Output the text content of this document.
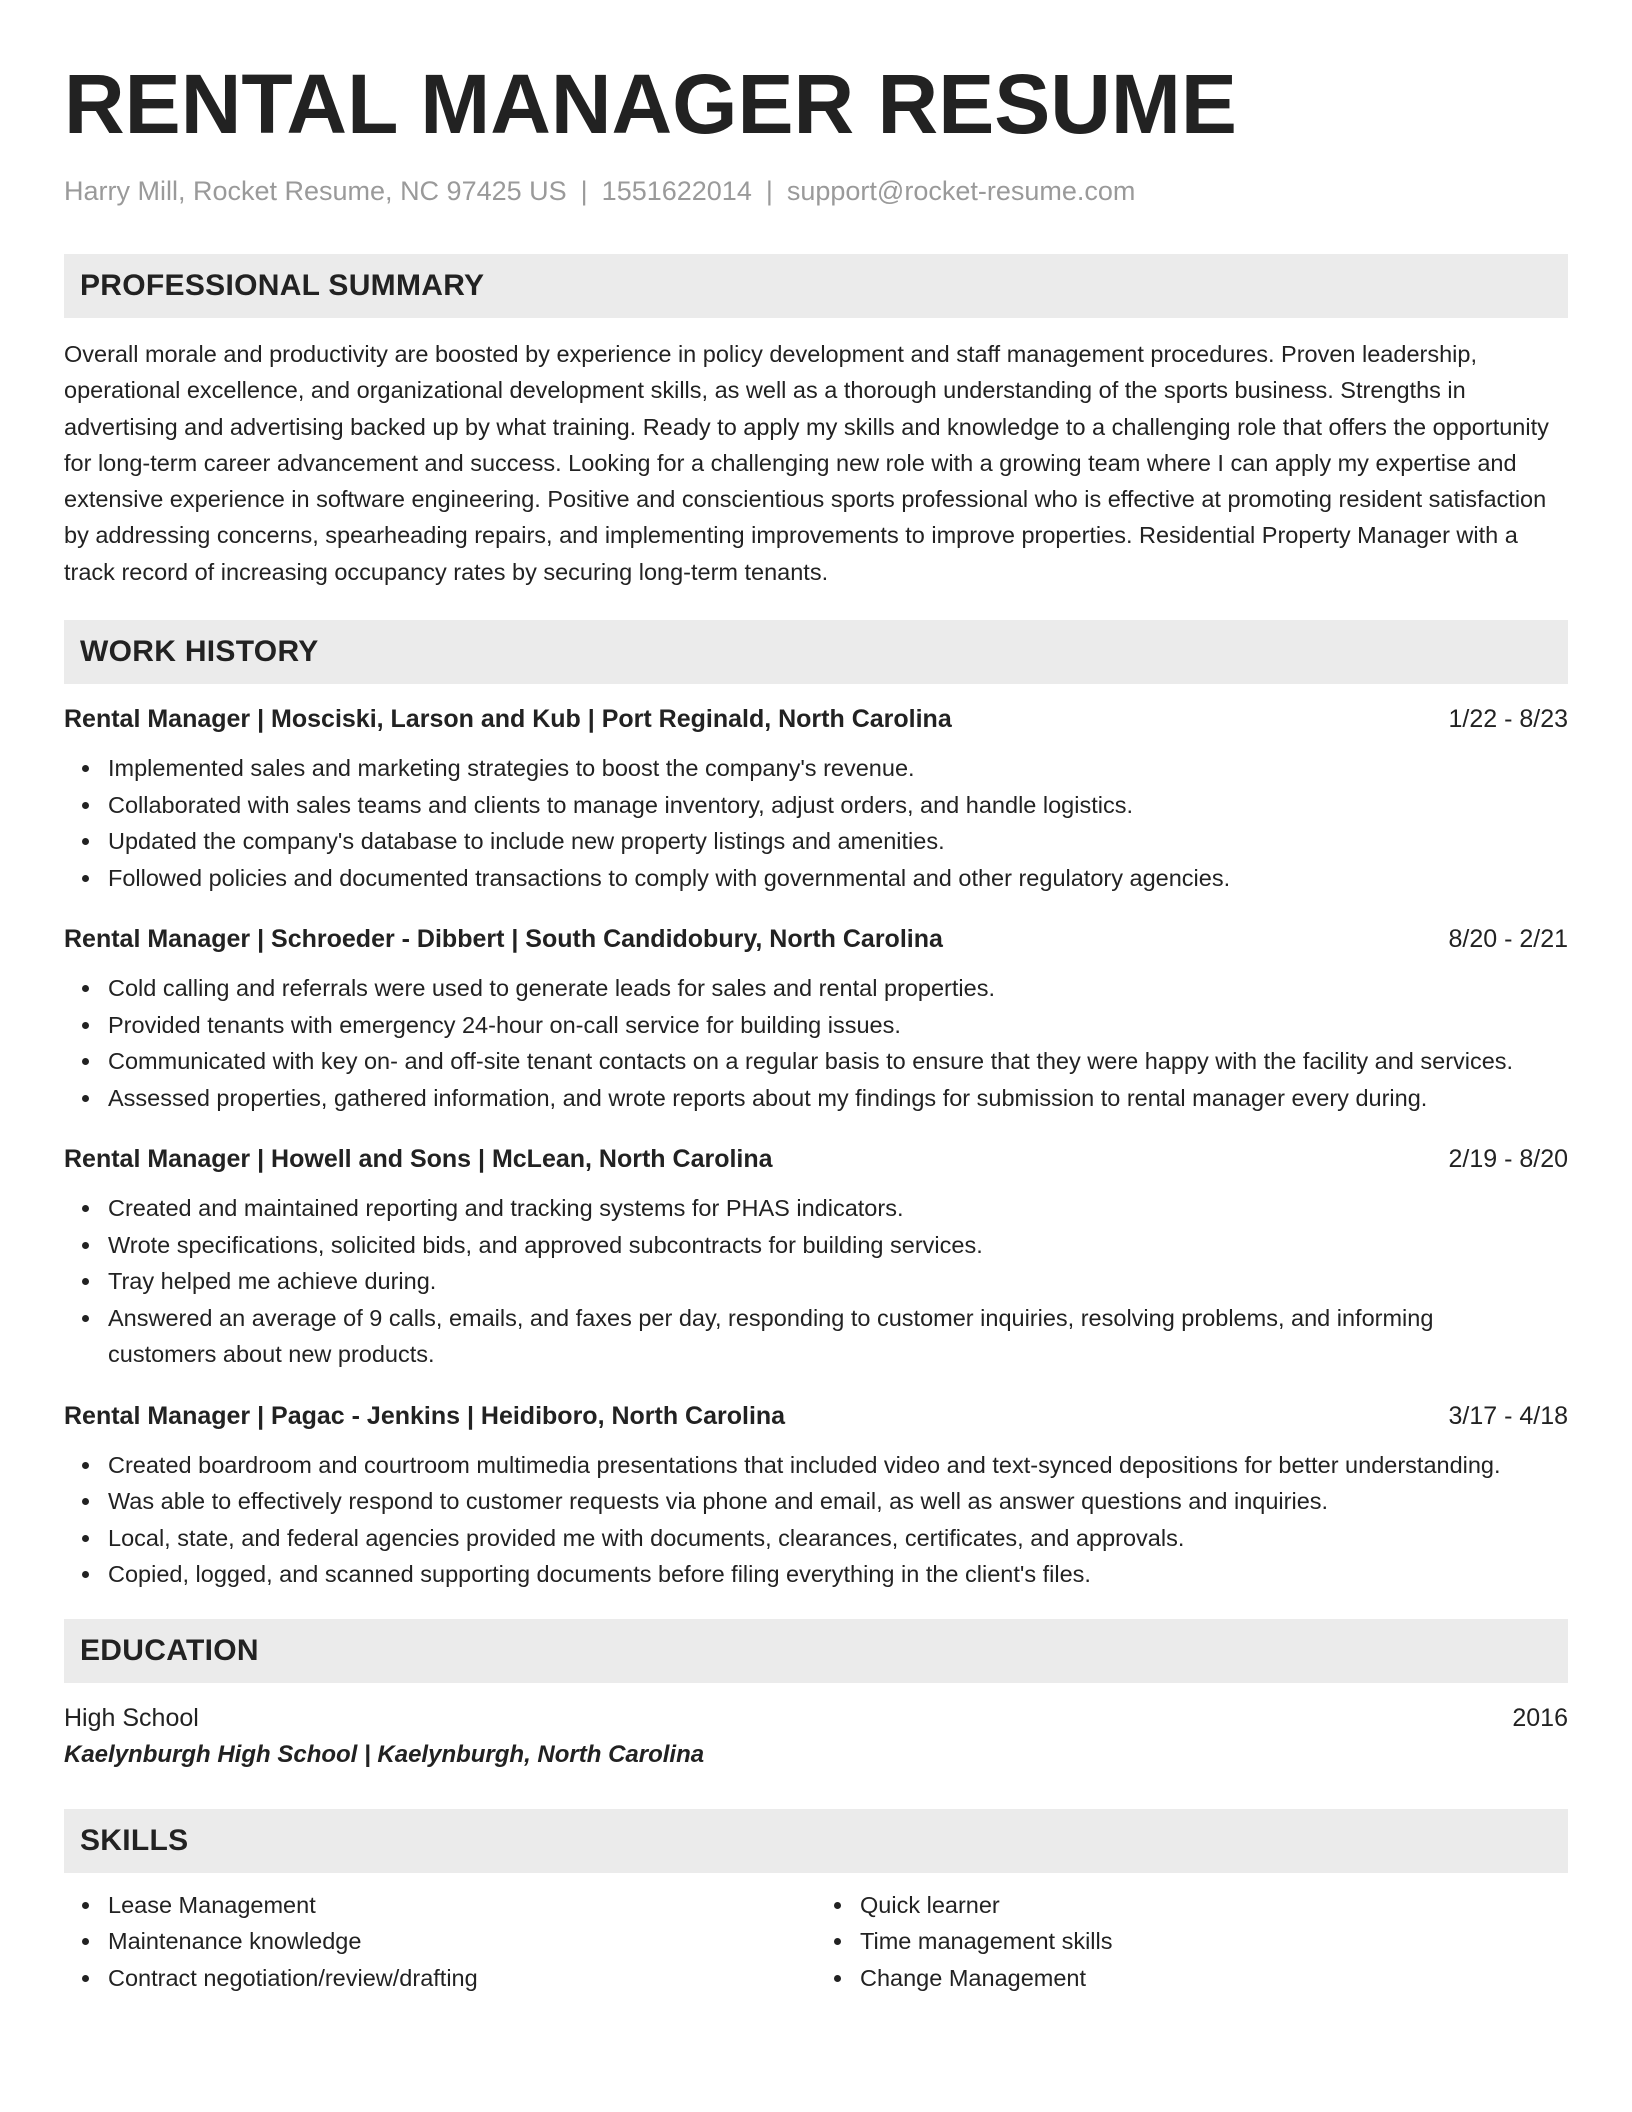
RENTAL MANAGER RESUME
Harry Mill, Rocket Resume, NC 97425 US | 1551622014 | support@rocket-resume.com
PROFESSIONAL SUMMARY
Overall morale and productivity are boosted by experience in policy development and staff management procedures. Proven leadership, operational excellence, and organizational development skills, as well as a thorough understanding of the sports business. Strengths in advertising and advertising backed up by what training. Ready to apply my skills and knowledge to a challenging role that offers the opportunity for long-term career advancement and success. Looking for a challenging new role with a growing team where I can apply my expertise and extensive experience in software engineering. Positive and conscientious sports professional who is effective at promoting resident satisfaction by addressing concerns, spearheading repairs, and implementing improvements to improve properties. Residential Property Manager with a track record of increasing occupancy rates by securing long-term tenants.
WORK HISTORY
Rental Manager | Mosciski, Larson and Kub | Port Reginald, North Carolina	1/22 - 8/23
Implemented sales and marketing strategies to boost the company's revenue.
Collaborated with sales teams and clients to manage inventory, adjust orders, and handle logistics.
Updated the company's database to include new property listings and amenities.
Followed policies and documented transactions to comply with governmental and other regulatory agencies.
Rental Manager | Schroeder - Dibbert | South Candidobury, North Carolina	8/20 - 2/21
Cold calling and referrals were used to generate leads for sales and rental properties.
Provided tenants with emergency 24-hour on-call service for building issues.
Communicated with key on- and off-site tenant contacts on a regular basis to ensure that they were happy with the facility and services.
Assessed properties, gathered information, and wrote reports about my findings for submission to rental manager every during.
Rental Manager | Howell and Sons | McLean, North Carolina	2/19 - 8/20
Created and maintained reporting and tracking systems for PHAS indicators.
Wrote specifications, solicited bids, and approved subcontracts for building services.
Tray helped me achieve during.
Answered an average of 9 calls, emails, and faxes per day, responding to customer inquiries, resolving problems, and informing customers about new products.
Rental Manager | Pagac - Jenkins | Heidiboro, North Carolina	3/17 - 4/18
Created boardroom and courtroom multimedia presentations that included video and text-synced depositions for better understanding.
Was able to effectively respond to customer requests via phone and email, as well as answer questions and inquiries.
Local, state, and federal agencies provided me with documents, clearances, certificates, and approvals.
Copied, logged, and scanned supporting documents before filing everything in the client's files.
EDUCATION
High School	2016
Kaelynburgh High School | Kaelynburgh, North Carolina
SKILLS
Lease Management
Maintenance knowledge
Contract negotiation/review/drafting
Quick learner
Time management skills
Change Management
